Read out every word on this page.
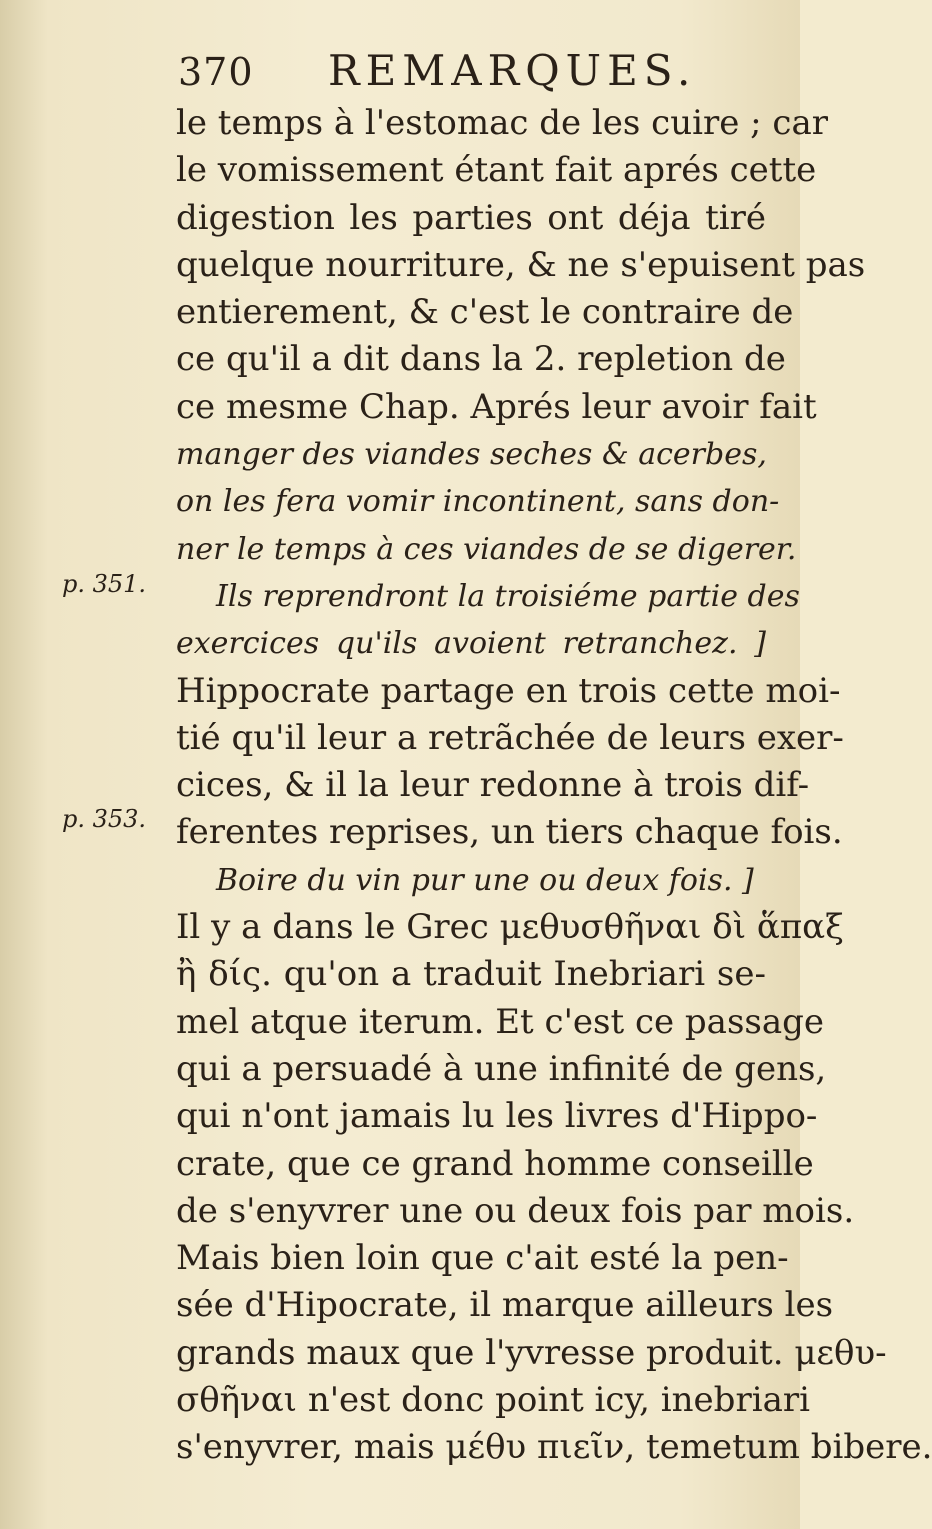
370 REMARQUES.
p. 351.
p. 353.
le temps à l'estomac de les cuire ; car
le vomissement étant fait aprés cette
digestion les parties ont déja tiré
quelque nourriture, & ne s'epuisent pas
entierement, & c'est le contraire de
ce qu'il a dit dans la 2. repletion de
ce mesme Chap. Aprés leur avoir fait
manger des viandes seches & acerbes,
on les fera vomir incontinent, sans don-
ner le temps à ces viandes de se digerer.
Ils reprendront la troisiéme partie des
exercices qu'ils avoient retranchez. ]
Hippocrate partage en trois cette moi-
tié qu'il leur a retrãchée de leurs exer-
cices, & il la leur redonne à trois dif-
ferentes reprises, un tiers chaque fois.
Boire du vin pur une ou deux fois. ]
Il y a dans le Grec μεθυσθῆναι δὶ ἅπαξ
ἢ δίς. qu'on a traduit Inebriari se-
mel atque iterum. Et c'est ce passage
qui a persuadé à une infinité de gens,
qui n'ont jamais lu les livres d'Hippo-
crate, que ce grand homme conseille
de s'enyvrer une ou deux fois par mois.
Mais bien loin que c'ait esté la pen-
sée d'Hipocrate, il marque ailleurs les
grands maux que l'yvresse produit. μεθυ-
σθῆναι n'est donc point icy, inebriari
s'enyvrer, mais μέθυ πιεῖν, temetum bibere.
